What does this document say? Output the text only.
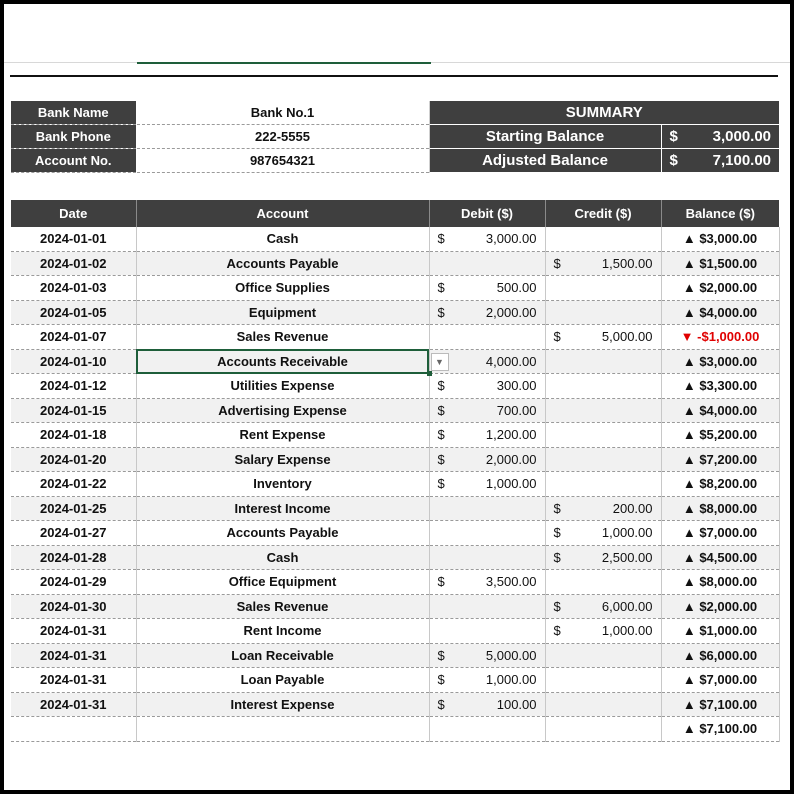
Bank Name	Bank No.1	SUMMARY	
Bank Phone	222-5555	Starting Balance	$ 3,000.00

Account No.	987654321	Adjusted Balance	$ 7,100.00
Date	Account	Debit ($)	Credit ($)	Balance ($)
2024-01-01	Cash	$ 3,000.00		▲ $3,000.00
2024-01-02	Accounts Payable		$ 1,500.00	▲ $1,500.00
2024-01-03	Office Supplies	$ 500.00		▲ $2,000.00
2024-01-05	Equipment	$ 2,000.00		▲ $4,000.00
2024-01-07	Sales Revenue		$ 5,000.00	▼ -$1,000.00
2024-01-10	Accounts Receivable ▼	4,000.00		▲ $3,000.00
2024-01-12	Utilities Expense	$ 300.00		▲ $3,300.00
2024-01-15	Advertising Expense	$ 700.00		▲ $4,000.00
2024-01-18	Rent Expense	$ 1,200.00		▲ $5,200.00
2024-01-20	Salary Expense	$ 2,000.00		▲ $7,200.00
2024-01-22	Inventory	$ 1,000.00		▲ $8,200.00
2024-01-25	Interest Income		$ 200.00	▲ $8,000.00
2024-01-27	Accounts Payable		$ 1,000.00	▲ $7,000.00
2024-01-28	Cash		$ 2,500.00	▲ $4,500.00
2024-01-29	Office Equipment	$ 3,500.00		▲ $8,000.00
2024-01-30	Sales Revenue		$ 6,000.00	▲ $2,000.00
2024-01-31	Rent Income		$ 1,000.00	▲ $1,000.00
2024-01-31	Loan Receivable	$ 5,000.00		▲ $6,000.00
2024-01-31	Loan Payable	$ 1,000.00		▲ $7,000.00
2024-01-31	Interest Expense	$ 100.00		▲ $7,100.00
				▲ $7,100.00
